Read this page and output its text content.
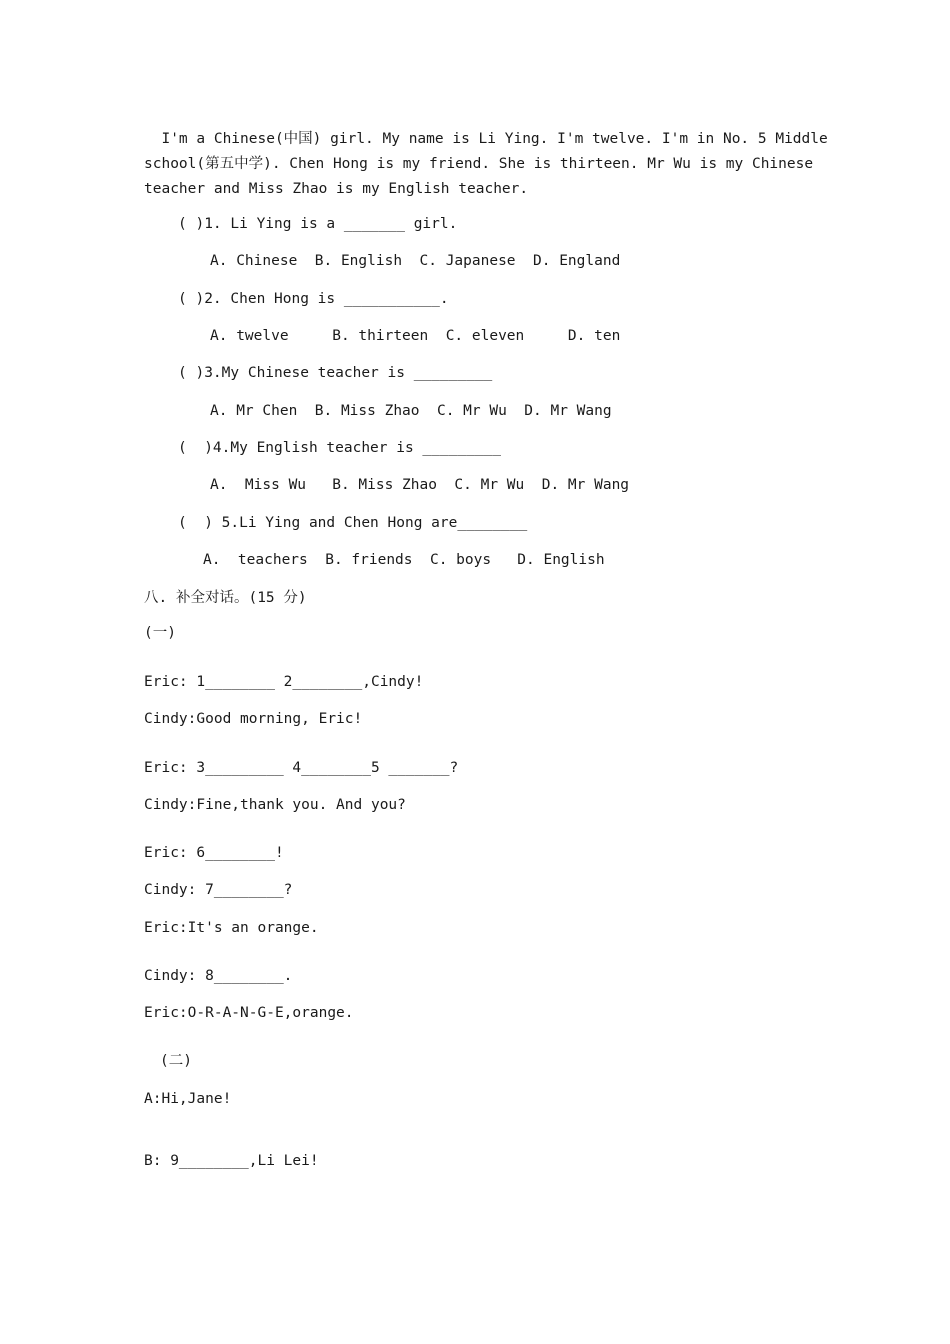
I'm a Chinese(中国) girl. My name is Li Ying. I'm twelve. I'm in No. 5 Middle
school(第五中学). Chen Hong is my friend. She is thirteen. Mr Wu is my Chinese
teacher and Miss Zhao is my English teacher.
( )1. Li Ying is a _______ girl.
A. Chinese  B. English  C. Japanese  D. England
( )2. Chen Hong is ___________.
A. twelve     B. thirteen  C. eleven     D. ten
( )3.My Chinese teacher is _________
A. Mr Chen  B. Miss Zhao  C. Mr Wu  D. Mr Wang
(  )4.My English teacher is _________
A.  Miss Wu   B. Miss Zhao  C. Mr Wu  D. Mr Wang
(  ) 5.Li Ying and Chen Hong are________
A.  teachers  B. friends  C. boys   D. English
八. 补全对话。(15 分)
(一)
Eric: 1________ 2________,Cindy!
Cindy:Good morning, Eric!
Eric: 3_________ 4________5 _______?
Cindy:Fine,thank you. And you?
Eric: 6________!
Cindy: 7________?
Eric:It's an orange.
Cindy: 8________.
Eric:O-R-A-N-G-E,orange.
(二)
A:Hi,Jane!
B: 9________,Li Lei!
